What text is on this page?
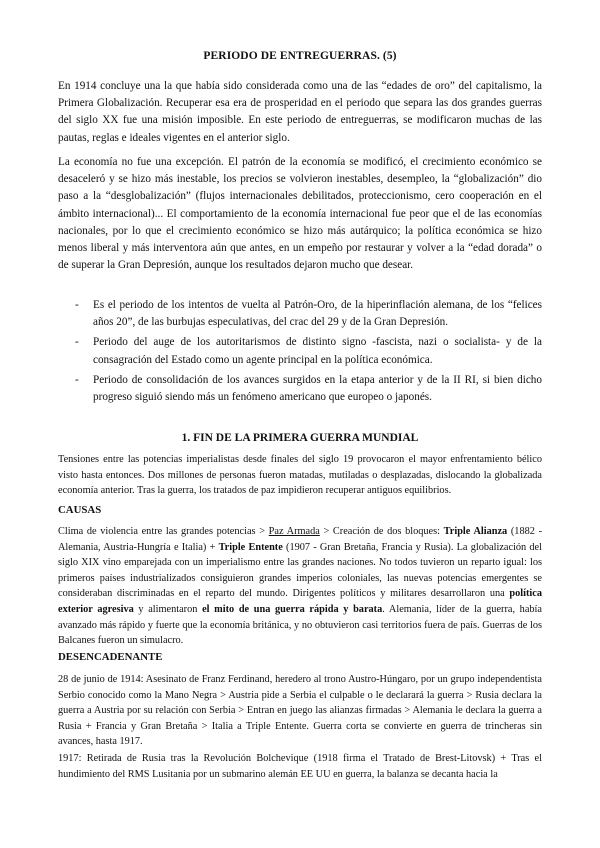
PERIODO DE ENTREGUERRAS. (5)

En 1914 concluye una la que había sido considerada como una de las “edades de oro” del capitalismo, la Primera Globalización. Recuperar esa era de prosperidad en el periodo que separa las dos grandes guerras del siglo XX fue una misión imposible. En este periodo de entreguerras, se modificaron muchas de las pautas, reglas e ideales vigentes en el anterior siglo.

La economía no fue una excepción. El patrón de la economía se modificó, el crecimiento económico se desaceleró y se hizo más inestable, los precios se volvieron inestables, desempleo, la “globalización” dio paso a la “desglobalización” (flujos internacionales debilitados, proteccionismo, cero cooperación en el ámbito internacional)... El comportamiento de la economía internacional fue peor que el de las economías nacionales, por lo que el crecimiento económico se hizo más autárquico; la política económica se hizo menos liberal y más interventora aún que antes, en un empeño por restaurar y volver a la “edad dorada” o de superar la Gran Depresión, aunque los resultados dejaron mucho que desear.

- Es el periodo de los intentos de vuelta al Patrón-Oro, de la hiperinflación alemana, de los “felices años 20”, de las burbujas especulativas, del crac del 29 y de la Gran Depresión.
- Periodo del auge de los autoritarismos de distinto signo -fascista, nazi o socialista- y de la consagración del Estado como un agente principal en la política económica.
- Periodo de consolidación de los avances surgidos en la etapa anterior y de la II RI, si bien dicho progreso siguió siendo más un fenómeno americano que europeo o japonés.
1. FIN DE LA PRIMERA GUERRA MUNDIAL

Tensiones entre las potencias imperialistas desde finales del siglo 19 provocaron el mayor enfrentamiento bélico visto hasta entonces. Dos millones de personas fueron matadas, mutiladas o desplazadas, dislocando la globalizada economía anterior. Tras la guerra, los tratados de paz impidieron recuperar antiguos equilibrios.

CAUSAS

Clima de violencia entre las grandes potencias > Paz Armada > Creación de dos bloques: Triple Alianza (1882 - Alemania, Austria-Hungría e Italia) + Triple Entente (1907 - Gran Bretaña, Francia y Rusia). La globalización del siglo XIX vino emparejada con un imperialismo entre las grandes naciones. No todos tuvieron un reparto igual: los primeros países industrializados consiguieron grandes imperios coloniales, las nuevas potencias emergentes se consideraban discriminadas en el reparto del mundo. Dirigentes políticos y militares desarrollaron una política exterior agresiva y alimentaron el mito de una guerra rápida y barata. Alemania, líder de la guerra, había avanzado más rápido y fuerte que la economía británica, y no obtuvieron casi territorios fuera de país. Guerras de los Balcanes fueron un simulacro.

DESENCADENANTE

28 de junio de 1914: Asesinato de Franz Ferdinand, heredero al trono Austro-Húngaro, por un grupo independentista Serbio conocido como la Mano Negra > Austria pide a Serbia el culpable o le declarará la guerra > Rusia declara la guerra a Austria por su relación con Serbia > Entran en juego las alianzas firmadas > Alemania le declara la guerra a Rusia + Francia y Gran Bretaña > Italia a Triple Entente. Guerra corta se convierte en guerra de trincheras sin avances, hasta 1917.

1917: Retirada de Rusia tras la Revolución Bolchevique (1918 firma el Tratado de Brest-Litovsk) + Tras el hundimiento del RMS Lusitania por un submarino alemán EE UU en guerra, la balanza se decanta hacia la
